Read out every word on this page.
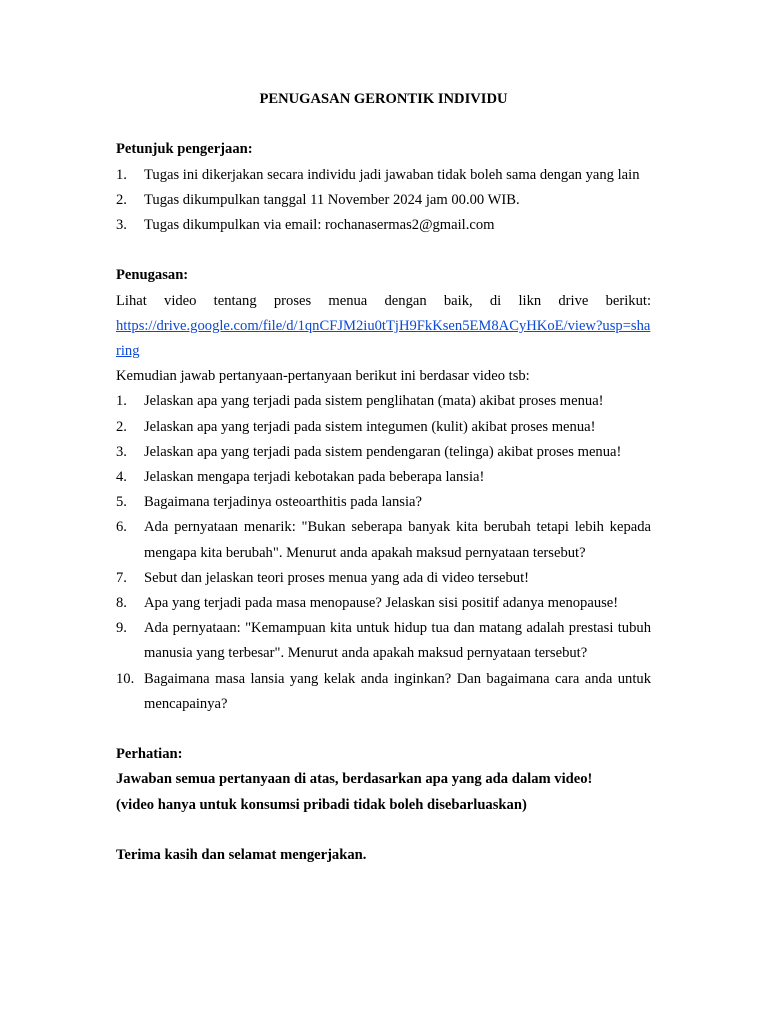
PENUGASAN GERONTIK INDIVIDU

Petunjuk pengerjaan:

1. Tugas ini dikerjakan secara individu jadi jawaban tidak boleh sama dengan yang lain
2. Tugas dikumpulkan tanggal 11 November 2024 jam 00.00 WIB.
3. Tugas dikumpulkan via email: rochanasermas2@gmail.com

Penugasan:

Lihat video tentang proses menua dengan baik, di likn drive berikut:

https://drive.google.com/file/d/1qnCFJM2iu0tTjH9FkKsen5EM8ACyHKoE/view?usp=sharing

Kemudian jawab pertanyaan-pertanyaan berikut ini berdasar video tsb:

1. Jelaskan apa yang terjadi pada sistem penglihatan (mata) akibat proses menua!
2. Jelaskan apa yang terjadi pada sistem integumen (kulit) akibat proses menua!
3. Jelaskan apa yang terjadi pada sistem pendengaran (telinga) akibat proses menua!
4. Jelaskan mengapa terjadi kebotakan pada beberapa lansia!
5. Bagaimana terjadinya osteoarthitis pada lansia?
6. Ada pernyataan menarik: "Bukan seberapa banyak kita berubah tetapi lebih kepada mengapa kita berubah". Menurut anda apakah maksud pernyataan tersebut?
7. Sebut dan jelaskan teori proses menua yang ada di video tersebut!
8. Apa yang terjadi pada masa menopause? Jelaskan sisi positif adanya menopause!
9. Ada pernyataan: "Kemampuan kita untuk hidup tua dan matang adalah prestasi tubuh manusia yang terbesar". Menurut anda apakah maksud pernyataan tersebut?
10. Bagaimana masa lansia yang kelak anda inginkan? Dan bagaimana cara anda untuk mencapainya?

Perhatian:

Jawaban semua pertanyaan di atas, berdasarkan apa yang ada dalam video!

(video hanya untuk konsumsi pribadi tidak boleh disebarluaskan)

Terima kasih dan selamat mengerjakan.
